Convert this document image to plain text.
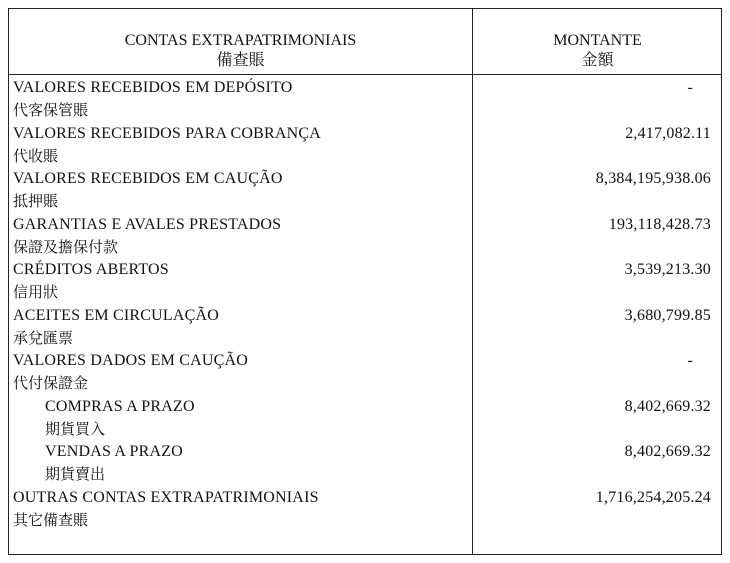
CONTAS EXTRAPATRIMONIAIS
備查賬
MONTANTE
金額
VALORES RECEBIDOS EM DEPÓSITO
代客保管賬
-
VALORES RECEBIDOS PARA COBRANÇA
代收賬
2,417,082.11
VALORES RECEBIDOS EM CAUÇÃO
抵押賬
8,384,195,938.06
GARANTIAS E AVALES PRESTADOS
保證及擔保付款
193,118,428.73
CRÉDITOS ABERTOS
信用狀
3,539,213.30
ACEITES EM CIRCULAÇÃO
承兌匯票
3,680,799.85
VALORES DADOS EM CAUÇÃO
代付保證金
-
COMPRAS A PRAZO
期貨買入
8,402,669.32
VENDAS A PRAZO
期貨賣出
8,402,669.32
OUTRAS CONTAS EXTRAPATRIMONIAIS
其它備查賬
1,716,254,205.24
